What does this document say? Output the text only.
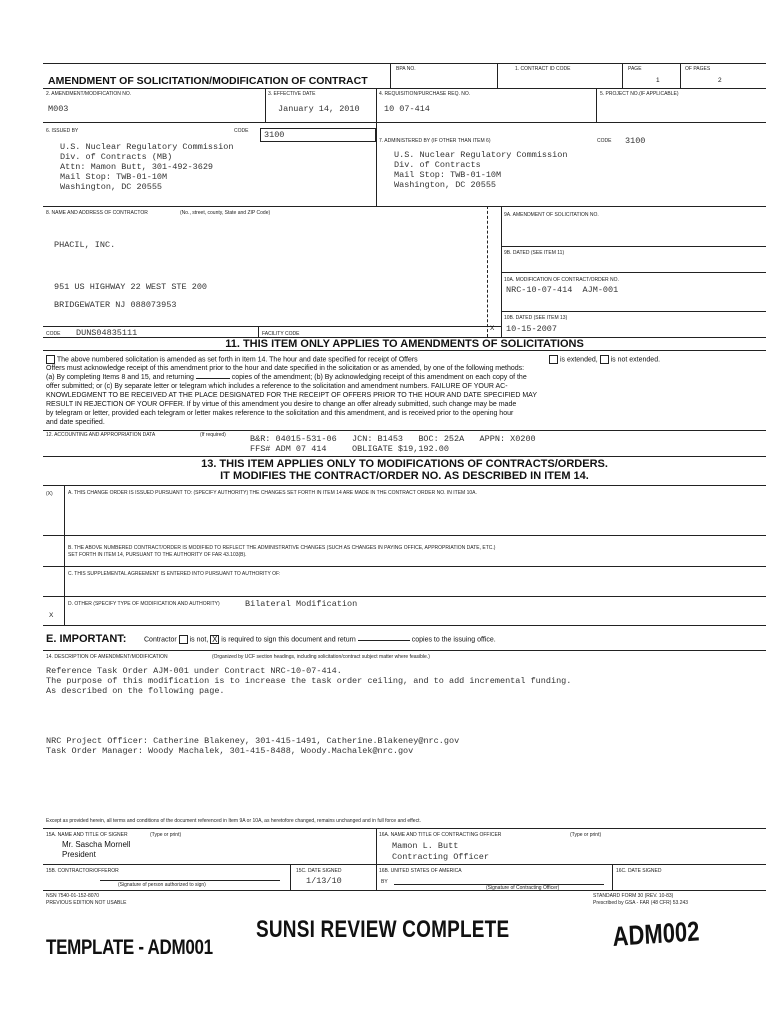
AMENDMENT OF SOLICITATION/MODIFICATION OF CONTRACT
BPA NO.	1. CONTRACT ID CODE	PAGE
1
OF PAGES
2
2. AMENDMENT/MODIFICATION NO.
M003
3. EFFECTIVE DATE
January 14, 2010
4. REQUISITION/PURCHASE REQ. NO.
10 07-414
5. PROJECT NO.(IF APPLICABLE)
6. ISSUED BY	CODE 3100
U.S. Nuclear Regulatory Commission
Div. of Contracts (MB)
Attn: Mamon Butt, 301-492-3629
Mail Stop: TWB-01-10M
Washington, DC 20555
7. ADMINISTERED BY (IF OTHER THAN ITEM 6)	CODE 3100
U.S. Nuclear Regulatory Commission
Div. of Contracts
Mail Stop: TWB-01-10M
Washington, DC 20555
8. NAME AND ADDRESS OF CONTRACTOR	(No., street, county, State and ZIP Code)
PHACIL, INC.
951 US HIGHWAY 22 WEST STE 200
BRIDGEWATER NJ 088073953
CODE DUNS04835111	FACILITY CODE
9A. AMENDMENT OF SOLICITATION NO.
9B. DATED (SEE ITEM 11)
10A. MODIFICATION OF CONTRACT/ORDER NO.
NRC-10-07-414  AJM-001
10B. DATED (SEE ITEM 13)
10-15-2007
X
11. THIS ITEM ONLY APPLIES TO AMENDMENTS OF SOLICITATIONS
The above numbered solicitation is amended as set forth in Item 14. The hour and date specified for receipt of Offers	is extended, is not extended.
Offers must acknowledge receipt of this amendment prior to the hour and date specified in the solicitation or as amended, by one of the following methods:
(a) By completing Items 8 and 15, and returning	copies of the amendment; (b) By acknowledging receipt of this amendment on each copy of the
offer submitted; or (c) By separate letter or telegram which includes a reference to the solicitation and amendment numbers. FAILURE OF YOUR AC-
KNOWLEDGMENT TO BE RECEIVED AT THE PLACE DESIGNATED FOR THE RECEIPT OF OFFERS PRIOR TO THE HOUR AND DATE SPECIFIED MAY
RESULT IN REJECTION OF YOUR OFFER. If by virtue of this amendment you desire to change an offer already submitted, such change may be made
by telegram or letter, provided each telegram or letter makes reference to the solicitation and this amendment, and is received prior to the opening hour
and date specified.
12. ACCOUNTING AND APPROPRIATION DATA	(If required)	B&R: 04015-531-06   JCN: B1453   BOC: 252A   APPN: X0200
FFS# ADM 07 414     OBLIGATE $19,192.00
13. THIS ITEM APPLIES ONLY TO MODIFICATIONS OF CONTRACTS/ORDERS.
IT MODIFIES THE CONTRACT/ORDER NO. AS DESCRIBED IN ITEM 14.
(X)	A. THIS CHANGE ORDER IS ISSUED PURSUANT TO: (SPECIFY AUTHORITY) THE CHANGES SET FORTH IN ITEM 14 ARE MADE IN THE CONTRACT ORDER NO. IN ITEM 10A.
B. THE ABOVE NUMBERED CONTRACT/ORDER IS MODIFIED TO REFLECT THE ADMINISTRATIVE CHANGES (SUCH AS CHANGES IN PAYING OFFICE, APPROPRIATION DATE, ETC.)
SET FORTH IN ITEM 14, PURSUANT TO THE AUTHORITY OF FAR 43.103(B).
C. THIS SUPPLEMENTAL AGREEMENT IS ENTERED INTO PURSUANT TO AUTHORITY OF:
D. OTHER (SPECIFY TYPE OF MODIFICATION AND AUTHORITY)	Bilateral Modification
X
E. IMPORTANT:	Contractor is not, X is required to sign this document and return	copies to the issuing office.
14. DESCRIPTION OF AMENDMENT/MODIFICATION	(Organized by UCF section headings, including solicitation/contract subject matter where feasible.)
Reference Task Order AJM-001 under Contract NRC-10-07-414.
The purpose of this modification is to increase the task order ceiling, and to add incremental funding.
As described on the following page.
NRC Project Officer: Catherine Blakeney, 301-415-1491, Catherine.Blakeney@nrc.gov
Task Order Manager: Woody Machalek, 301-415-8488, Woody.Machalek@nrc.gov
Except as provided herein, all terms and conditions of the document referenced in Item 9A or 10A, as heretofore changed, remains unchanged and in full force and effect.
15A. NAME AND TITLE OF SIGNER	(Type or print)
Mr. Sascha Mornell
President
16A. NAME AND TITLE OF CONTRACTING OFFICER	(Type or print)
Mamon L. Butt
Contracting Officer
15B. CONTRACTOR/OFFEROR
(Signature of person authorized to sign)
15C. DATE SIGNED
1/13/10
16B. UNITED STATES OF AMERICA
BY
(Signature of Contracting Officer)
16C. DATE SIGNED
NSN 7540-01-152-8070
PREVIOUS EDITION NOT USABLE
STANDARD FORM 30 (REV. 10-83)
Prescribed by GSA - FAR (48 CFR) 53.243
TEMPLATE - ADM001
SUNSI REVIEW COMPLETE	ADM002
